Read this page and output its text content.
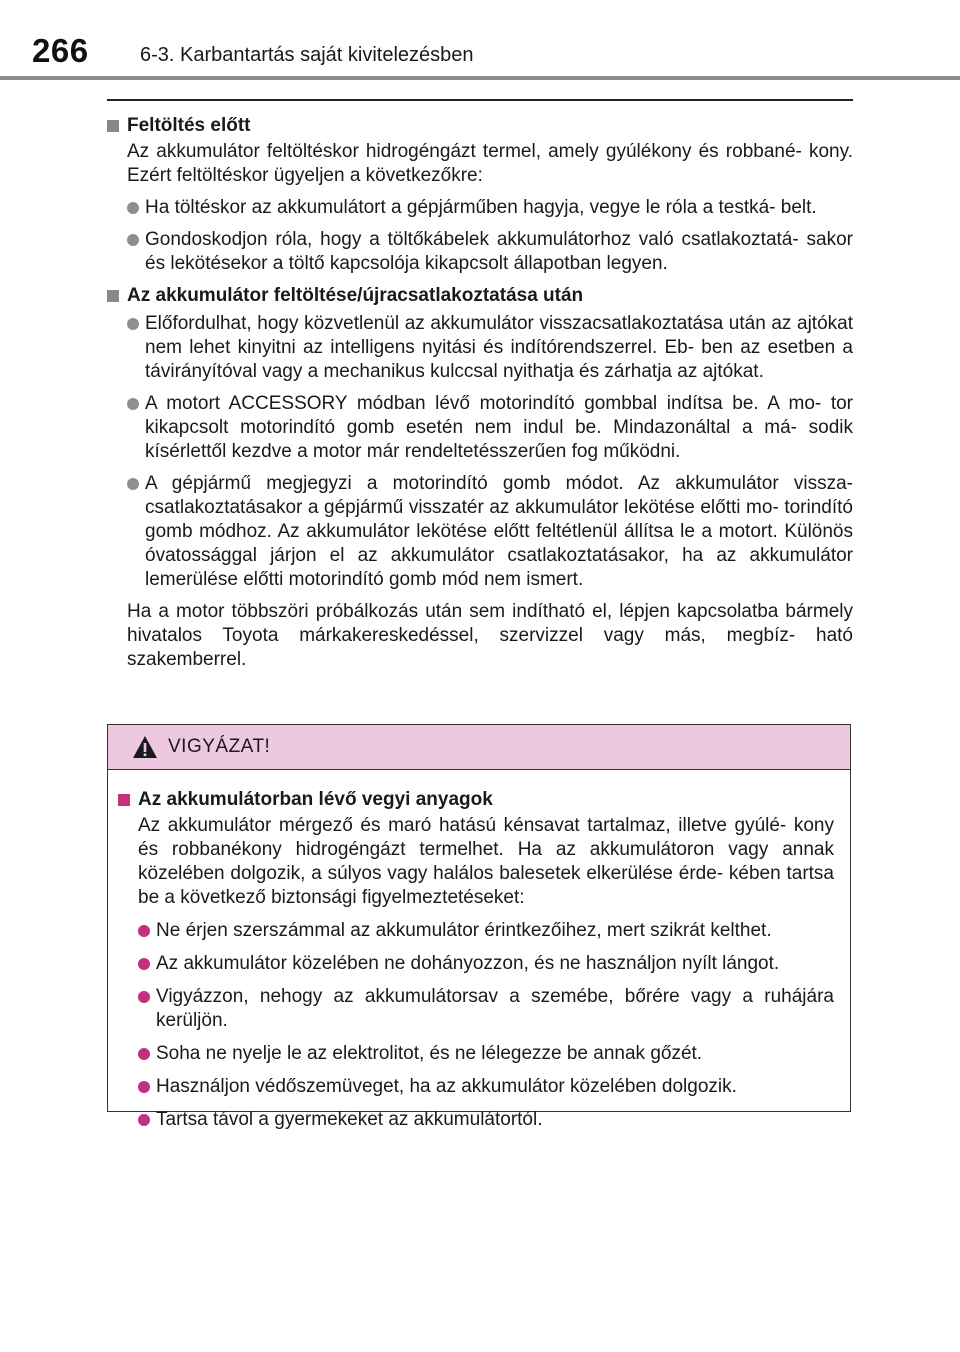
266	6-3. Karbantartás saját kivitelezésben
Feltöltés előtt
Az akkumulátor feltöltéskor hidrogéngázt termel, amely gyúlékony és robbané- kony. Ezért feltöltéskor ügyeljen a következőkre:
Ha töltéskor az akkumulátort a gépjárműben hagyja, vegye le róla a testká- belt.
Gondoskodjon róla, hogy a töltőkábelek akkumulátorhoz való csatlakoztatá- sakor és lekötésekor a töltő kapcsolója kikapcsolt állapotban legyen.
Az akkumulátor feltöltése/újracsatlakoztatása után
Előfordulhat, hogy közvetlenül az akkumulátor visszacsatlakoztatása után az ajtókat nem lehet kinyitni az intelligens nyitási és indítórendszerrel. Eb- ben az esetben a távirányítóval vagy a mechanikus kulccsal nyithatja és zárhatja az ajtókat.
A motort ACCESSORY módban lévő motorindító gombbal indítsa be. A mo- tor kikapcsolt motorindító gomb esetén nem indul be. Mindazonáltal a má- sodik kísérlettől kezdve a motor már rendeltetésszerűen fog működni.
A gépjármű megjegyzi a motorindító gomb módot. Az akkumulátor vissza- csatlakoztatásakor a gépjármű visszatér az akkumulátor lekötése előtti mo- torindító gomb módhoz. Az akkumulátor lekötése előtt feltétlenül állítsa le a motort. Különös óvatossággal járjon el az akkumulátor csatlakoztatásakor, ha az akkumulátor lemerülése előtti motorindító gomb mód nem ismert.
Ha a motor többszöri próbálkozás után sem indítható el, lépjen kapcsolatba bármely hivatalos Toyota márkakereskedéssel, szervizzel vagy más, megbíz- ható szakemberrel.
VIGYÁZAT!
Az akkumulátorban lévő vegyi anyagok
Az akkumulátor mérgező és maró hatású kénsavat tartalmaz, illetve gyúlé- kony és robbanékony hidrogéngázt termelhet. Ha az akkumulátoron vagy annak közelében dolgozik, a súlyos vagy halálos balesetek elkerülése érde- kében tartsa be a következő biztonsági figyelmeztetéseket:
Ne érjen szerszámmal az akkumulátor érintkezőihez, mert szikrát kelthet.
Az akkumulátor közelében ne dohányozzon, és ne használjon nyílt lángot.
Vigyázzon, nehogy az akkumulátorsav a szemébe, bőrére vagy a ruhájára kerüljön.
Soha ne nyelje le az elektrolitot, és ne lélegezze be annak gőzét.
Használjon védőszemüveget, ha az akkumulátor közelében dolgozik.
Tartsa távol a gyermekeket az akkumulátortól.
